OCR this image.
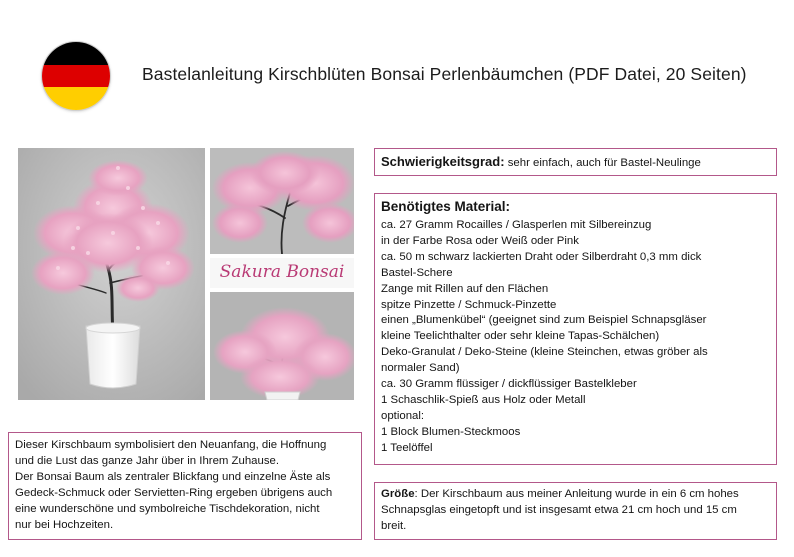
Bastelanleitung Kirschblüten Bonsai Perlenbäumchen (PDF Datei, 20 Seiten)
Sakura Bonsai
Schwierigkeitsgrad: sehr einfach, auch für Bastel-Neulinge
Benötigtes Material:
ca. 27 Gramm Rocailles / Glasperlen mit Silbereinzug
in der Farbe Rosa oder Weiß oder Pink
ca. 50 m schwarz lackierten Draht oder Silberdraht 0,3 mm dick
Bastel-Schere
Zange mit Rillen auf den Flächen
spitze Pinzette / Schmuck-Pinzette
einen „Blumenkübel“ (geeignet sind zum Beispiel Schnapsgläser
kleine Teelichthalter oder sehr kleine Tapas-Schälchen)
Deko-Granulat / Deko-Steine (kleine Steinchen, etwas gröber als
normaler Sand)
ca. 30 Gramm flüssiger / dickflüssiger Bastelkleber
1 Schaschlik-Spieß aus Holz oder Metall
optional:
1 Block Blumen-Steckmoos
1 Teelöffel
Größe: Der Kirschbaum aus meiner Anleitung wurde in ein 6 cm hohes
Schnapsglas eingetopft und ist insgesamt etwa 21 cm hoch und 15 cm
breit.
Dieser Kirschbaum symbolisiert den Neuanfang, die Hoffnung
und die Lust das ganze Jahr über in Ihrem Zuhause.
Der Bonsai Baum als zentraler Blickfang und einzelne Äste als
Gedeck-Schmuck oder Servietten-Ring ergeben übrigens auch
eine wunderschöne und symbolreiche Tischdekoration, nicht
nur bei Hochzeiten.
